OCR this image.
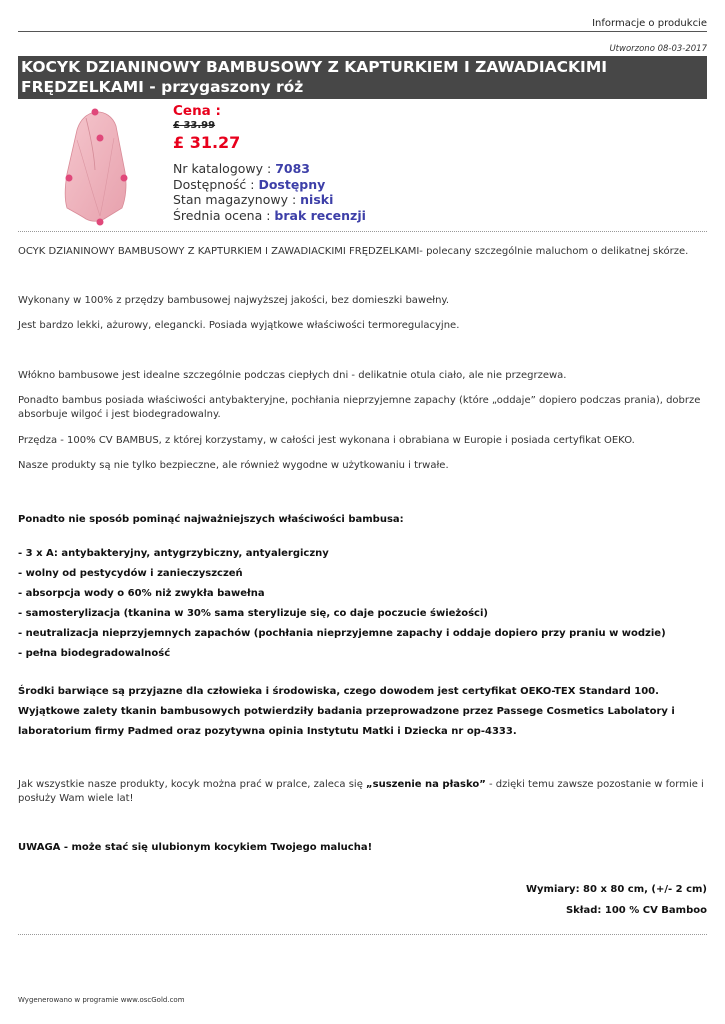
Informacje o produkcie
Utworzono 08-03-2017
KOCYK DZIANINOWY BAMBUSOWY Z KAPTURKIEM I ZAWADIACKIMI FRĘDZELKAMI - przygaszony róż
Cena :
£ 33.99
£ 31.27
Nr katalogowy : 7083
Dostępność : Dostępny
Stan magazynowy : niski
Średnia ocena : brak recenzji
OCYK DZIANINOWY BAMBUSOWY Z KAPTURKIEM I ZAWADIACKIMI FRĘDZELKAMI- polecany szczególnie maluchom o delikatnej skórze.
Wykonany w 100% z przędzy bambusowej najwyższej jakości, bez domieszki bawełny.
Jest bardzo lekki, ażurowy, elegancki. Posiada wyjątkowe właściwości termoregulacyjne.
Włókno bambusowe jest idealne szczególnie podczas ciepłych dni - delikatnie otula ciało, ale nie przegrzewa.
Ponadto bambus posiada właściwości antybakteryjne, pochłania nieprzyjemne zapachy (które „oddaje” dopiero podczas prania), dobrze absorbuje wilgoć i jest biodegradowalny.
Przędza - 100% CV BAMBUS, z której korzystamy, w całości jest wykonana i obrabiana w Europie i posiada certyfikat OEKO.
Nasze produkty są nie tylko bezpieczne, ale również wygodne w użytkowaniu i trwałe.
Ponadto nie sposób pominąć najważniejszych właściwości bambusa:
- 3 x A: antybakteryjny, antygrzybiczny, antyalergiczny
- wolny od pestycydów i zanieczyszczeń
- absorpcja wody o 60% niż zwykła bawełna
- samosterylizacja (tkanina w 30% sama sterylizuje się, co daje poczucie świeżości)
- neutralizacja nieprzyjemnych zapachów (pochłania nieprzyjemne zapachy i oddaje dopiero przy praniu w wodzie)
- pełna biodegradowalność
Środki barwiące są przyjazne dla człowieka i środowiska, czego dowodem jest certyfikat OEKO-TEX Standard 100. Wyjątkowe zalety tkanin bambusowych potwierdziły badania przeprowadzone przez Passege Cosmetics Labolatory i laboratorium firmy Padmed oraz pozytywna opinia Instytutu Matki i Dziecka nr op-4333.
Jak wszystkie nasze produkty, kocyk można prać w pralce, zaleca się „suszenie na płasko” - dzięki temu zawsze pozostanie w formie i posłuży Wam wiele lat!
UWAGA - może stać się ulubionym kocykiem Twojego malucha!
Wymiary: 80 x 80 cm, (+/- 2 cm)
Skład: 100 % CV Bamboo
Wygenerowano w programie www.oscGold.com
